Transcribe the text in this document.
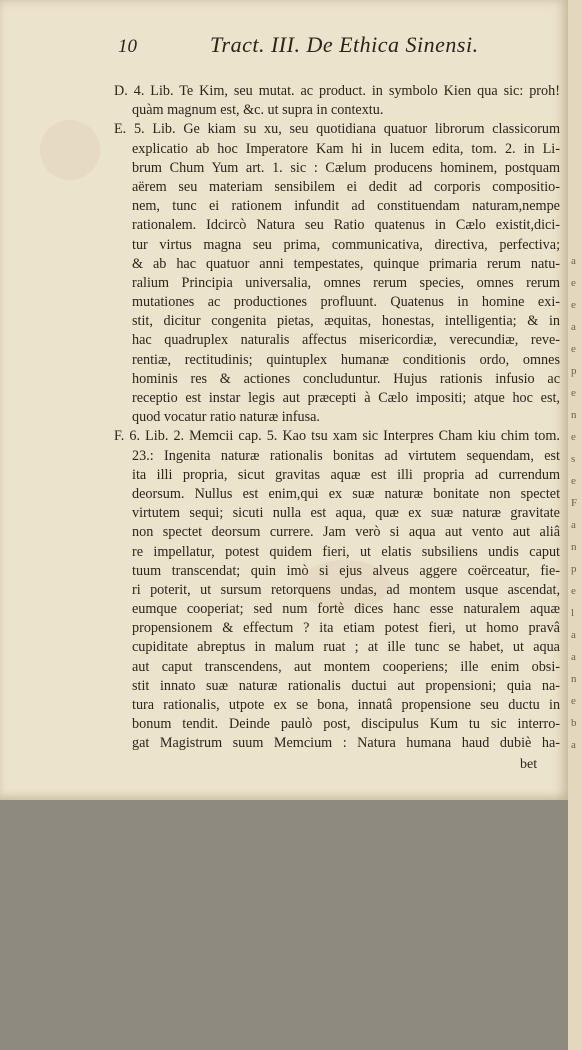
10	Tract. III. De Ethica Sinensi.
D. 4. Lib. Te Kim, seu mutat. ac product. in symbolo Kien qua sic: proh!
quàm magnum est, &c. ut supra in contextu.
E. 5. Lib. Ge kiam su xu, seu quotidiana quatuor librorum classicorum
explicatio ab hoc Imperatore Kam hi in lucem edita, tom. 2. in Li-
brum Chum Yum art. 1. sic : Cælum producens hominem, postquam
aërem seu materiam sensibilem ei dedit ad corporis compositio-
nem, tunc ei rationem infundit ad constituendam naturam,nempe
rationalem. Idcircò Natura seu Ratio quatenus in Cælo existit,dici-
tur virtus magna seu prima, communicativa, directiva, perfectiva;
& ab hac quatuor anni tempestates, quinque primaria rerum natu-
ralium Principia universalia, omnes rerum species, omnes rerum
mutationes ac productiones profluunt. Quatenus in homine exi-
stit, dicitur congenita pietas, æquitas, honestas, intelligentia; & in
hac quadruplex naturalis affectus misericordiæ, verecundiæ, reve-
rentiæ, rectitudinis; quintuplex humanæ conditionis ordo, omnes
hominis res & actiones concluduntur. Hujus rationis infusio ac
receptio est instar legis aut præcepti à Cælo impositi; atque hoc est,
quod vocatur ratio naturæ infusa.
F. 6. Lib. 2. Memcii cap. 5. Kao tsu xam sic Interpres Cham kiu chim tom.
23.: Ingenita naturæ rationalis bonitas ad virtutem sequendam, est
ita illi propria, sicut gravitas aquæ est illi propria ad currendum
deorsum. Nullus est enim,qui ex suæ naturæ bonitate non spectet
virtutem sequi; sicuti nulla est aqua, quæ ex suæ naturæ gravitate
non spectet deorsum currere. Jam verò si aqua aut vento aut aliâ
re impellatur, potest quidem fieri, ut elatis subsiliens undis caput
tuum transcendat; quin imò si ejus alveus aggere coërceatur, fie-
ri poterit, ut sursum retorquens undas, ad montem usque ascendat,
eumque cooperiat; sed num fortè dices hanc esse naturalem aquæ
propensionem & effectum ? ita etiam potest fieri, ut homo pravâ
cupiditate abreptus in malum ruat ; at ille tunc se habet, ut aqua
aut caput transcendens, aut montem cooperiens; ille enim obsi-
stit innato suæ naturæ rationalis ductui aut propensioni; quia na-
tura rationalis, utpote ex se bona, innatâ propensione seu ductu in
bonum tendit. Deinde paulò post, discipulus Kum tu sic interro-
gat Magistrum suum Memcium : Natura humana haud dubiè ha-
bet
a
e
e
a
e
p
e
n
e
s
e
F
a
n
p
e
l
a
a
n
e
b
a
